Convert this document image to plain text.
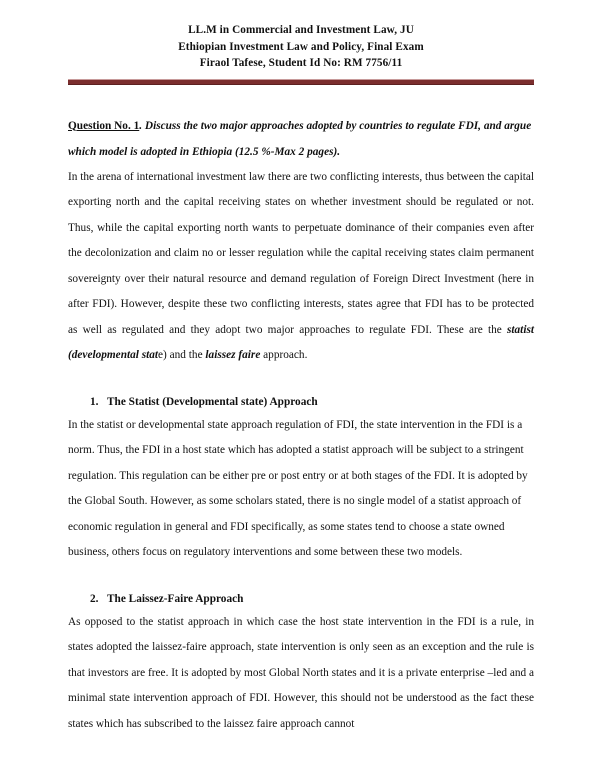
LL.M in Commercial and Investment Law, JU
Ethiopian Investment Law and Policy, Final Exam
Firaol Tafese, Student Id No: RM 7756/11
Question No. 1. Discuss the two major approaches adopted by countries to regulate FDI, and argue which model is adopted in Ethiopia (12.5 %-Max 2 pages).

In the arena of international investment law there are two conflicting interests, thus between the capital exporting north and the capital receiving states on whether investment should be regulated or not. Thus, while the capital exporting north wants to perpetuate dominance of their companies even after the decolonization and claim no or lesser regulation while the capital receiving states claim permanent sovereignty over their natural resource and demand regulation of Foreign Direct Investment (here in after FDI). However, despite these two conflicting interests, states agree that FDI has to be protected as well as regulated and they adopt two major approaches to regulate FDI. These are the statist (developmental state) and the laissez faire approach.

1. The Statist (Developmental state) Approach

In the statist or developmental state approach regulation of FDI, the state intervention in the FDI is a norm. Thus, the FDI in a host state which has adopted a statist approach will be subject to a stringent regulation. This regulation can be either pre or post entry or at both stages of the FDI. It is adopted by the Global South. However, as some scholars stated, there is no single model of a statist approach of economic regulation in general and FDI specifically, as some states tend to choose a state owned business, others focus on regulatory interventions and some between these two models.

2. The Laissez-Faire Approach

As opposed to the statist approach in which case the host state intervention in the FDI is a rule, in states adopted the laissez-faire approach, state intervention is only seen as an exception and the rule is that investors are free. It is adopted by most Global North states and it is a private enterprise –led and a minimal state intervention approach of FDI. However, this should not be understood as the fact these states which has subscribed to the laissez faire approach cannot
